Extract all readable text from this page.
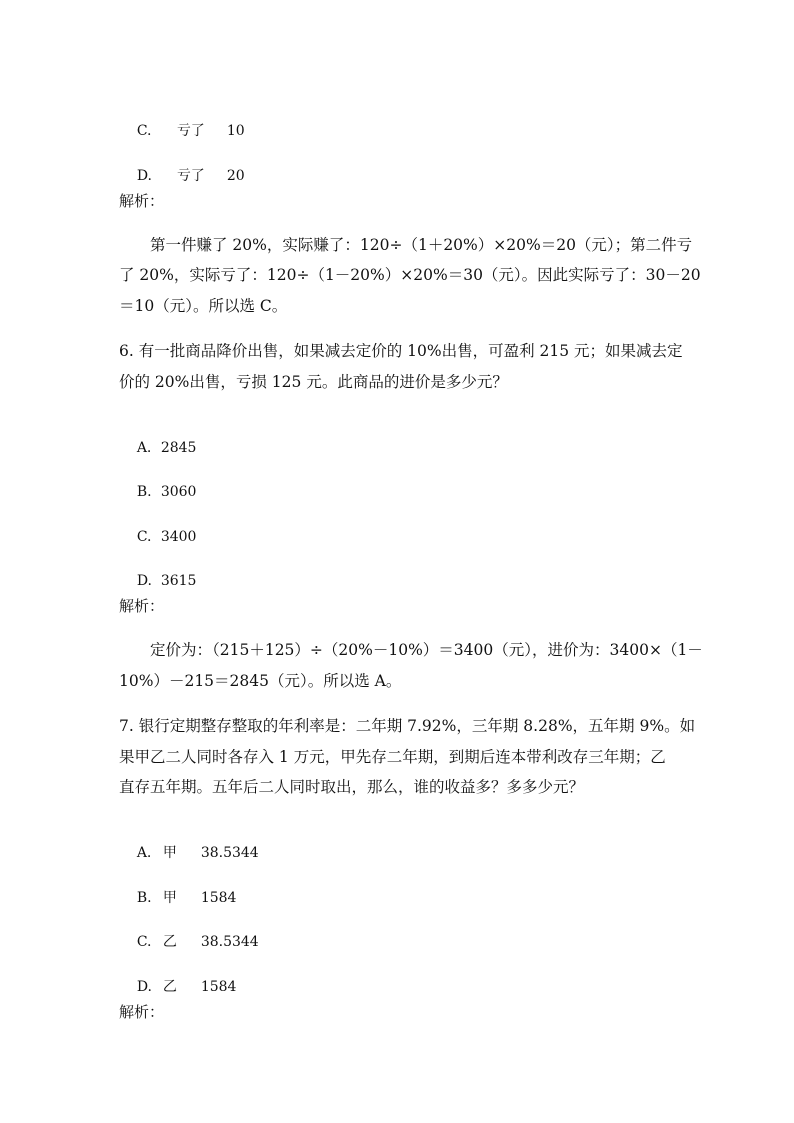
C. 亏了 10

D. 亏了 20

解析：
第一件赚了 20%，实际赚了：120÷（1＋20%）×20%＝20（元）；第二件亏
了 20%，实际亏了：120÷（1－20%）×20%＝30（元）。因此实际亏了：30－20
＝10（元）。所以选 C。
6. 有一批商品降价出售，如果减去定价的 10%出售，可盈利 215 元；如果减去定
价的 20%出售，亏损 125 元。此商品的进价是多少元？

A. 2845

B. 3060

C. 3400

D. 3615

解析：
定价为：（215＋125）÷（20%－10%）＝3400（元），进价为：3400×（1－
10%）－215＝2845（元）。所以选 A。
7. 银行定期整存整取的年利率是：二年期 7.92%，三年期 8.28%，五年期 9%。如
果甲乙二人同时各存入 1 万元，甲先存二年期，到期后连本带利改存三年期；乙
直存五年期。五年后二人同时取出，那么，谁的收益多？多多少元？

A. 甲 38.5344

B. 甲 1584

C. 乙 38.5344

D. 乙 1584

解析：
